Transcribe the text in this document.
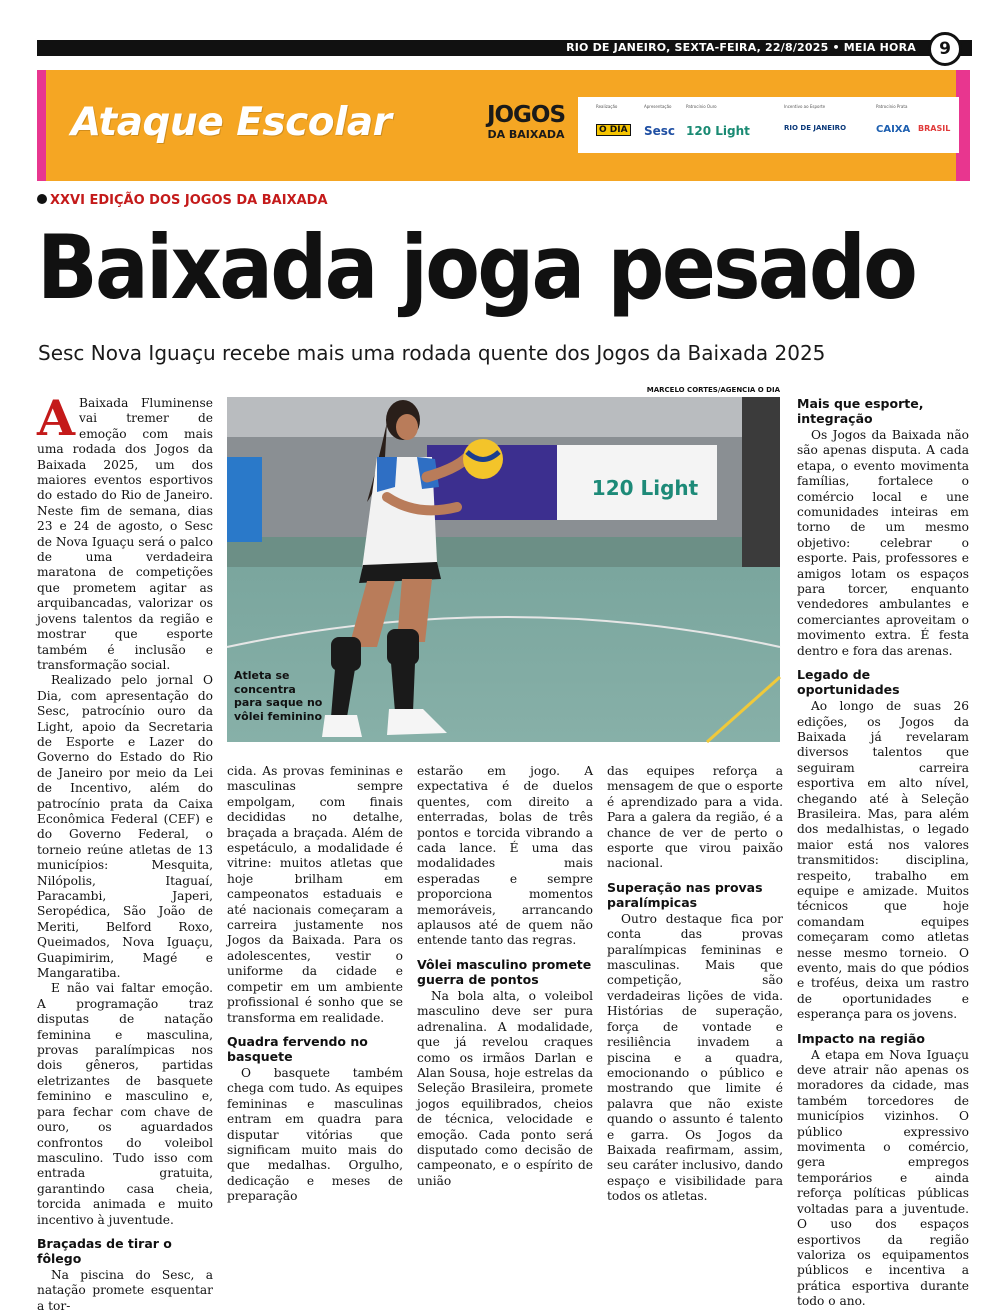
RIO DE JANEIRO, SEXTA-FEIRA, 22/8/2025 • MEIA HORA	9
Ataque Escolar	JOGOS
DA BAIXADA
Realização
O DIA
Apresentação
Sesc
Patrocínio Ouro
120 Light
Incentivo ao Esporte
RIO DE JANEIRO
Patrocínio Prata
CAIXA BRASIL
XXVI EDIÇÃO DOS JOGOS DA BAIXADA
Baixada joga pesado
Sesc Nova Iguaçu recebe mais uma rodada quente dos Jogos da Baixada 2025

A Baixada Fluminense vai tremer de emoção com mais uma rodada dos Jogos da Baixada 2025, um dos maiores eventos esportivos do estado do Rio de Janeiro. Neste fim de semana, dias 23 e 24 de agosto, o Sesc de Nova Iguaçu será o palco de uma verdadeira maratona de competições que prometem agitar as arquibancadas, valorizar os jovens talentos da região e mostrar que esporte também é inclusão e transformação social.

Realizado pelo jornal O Dia, com apresentação do Sesc, patrocínio ouro da Light, apoio da Secretaria de Esporte e Lazer do Governo do Estado do Rio de Janeiro por meio da Lei de Incentivo, além do patrocínio prata da Caixa Econômica Federal (CEF) e do Governo Federal, o torneio reúne atletas de 13 municípios: Mesquita, Nilópolis, Itaguaí, Paracambi, Japeri, Seropédica, São João de Meriti, Belford Roxo, Queimados, Nova Iguaçu, Guapimirim, Magé e Mangaratiba.

E não vai faltar emoção. A programação traz disputas de natação feminina e masculina, provas paralímpicas nos dois gêneros, partidas eletrizantes de basquete feminino e masculino e, para fechar com chave de ouro, os aguardados confrontos do voleibol masculino. Tudo isso com entrada gratuita, garantindo casa cheia, torcida animada e muito incentivo à juventude.

Braçadas de tirar o fôlego

Na piscina do Sesc, a natação promete esquentar a tor-

MARCELO CORTES/AGENCIA O DIA
120 Light
Atleta se concentra para saque no vôlei feminino

cida. As provas femininas e masculinas sempre empolgam, com finais decididas no detalhe, braçada a braçada. Além de espetáculo, a modalidade é vitrine: muitos atletas que hoje brilham em campeonatos estaduais e até nacionais começaram a carreira justamente nos Jogos da Baixada. Para os adolescentes, vestir o uniforme da cidade e competir em um ambiente profissional é sonho que se transforma em realidade.

Quadra fervendo no basquete

O basquete também chega com tudo. As equipes femininas e masculinas entram em quadra para disputar vitórias que significam muito mais do que medalhas. Orgulho, dedicação e meses de preparação

estarão em jogo. A expectativa é de duelos quentes, com direito a enterradas, bolas de três pontos e torcida vibrando a cada lance. É uma das modalidades mais esperadas e sempre proporciona momentos memoráveis, arrancando aplausos até de quem não entende tanto das regras.

Vôlei masculino promete guerra de pontos

Na bola alta, o voleibol masculino deve ser pura adrenalina. A modalidade, que já revelou craques como os irmãos Darlan e Alan Sousa, hoje estrelas da Seleção Brasileira, promete jogos equilibrados, cheios de técnica, velocidade e emoção. Cada ponto será disputado como decisão de campeonato, e o espírito de união

das equipes reforça a mensagem de que o esporte é aprendizado para a vida. Para a galera da região, é a chance de ver de perto o esporte que virou paixão nacional.

Superação nas provas paralímpicas

Outro destaque fica por conta das provas paralímpicas femininas e masculinas. Mais que competição, são verdadeiras lições de vida. Histórias de superação, força de vontade e resiliência invadem a piscina e a quadra, emocionando o público e mostrando que limite é palavra que não existe quando o assunto é talento e garra. Os Jogos da Baixada reafirmam, assim, seu caráter inclusivo, dando espaço e visibilidade para todos os atletas.

Mais que esporte, integração

Os Jogos da Baixada não são apenas disputa. A cada etapa, o evento movimenta famílias, fortalece o comércio local e une comunidades inteiras em torno de um mesmo objetivo: celebrar o esporte. Pais, professores e amigos lotam os espaços para torcer, enquanto vendedores ambulantes e comerciantes aproveitam o movimento extra. É festa dentro e fora das arenas.

Legado de oportunidades

Ao longo de suas 26 edições, os Jogos da Baixada já revelaram diversos talentos que seguiram carreira esportiva em alto nível, chegando até à Seleção Brasileira. Mas, para além dos medalhistas, o legado maior está nos valores transmitidos: disciplina, respeito, trabalho em equipe e amizade. Muitos técnicos que hoje comandam equipes começaram como atletas nesse mesmo torneio. O evento, mais do que pódios e troféus, deixa um rastro de oportunidades e esperança para os jovens.

Impacto na região

A etapa em Nova Iguaçu deve atrair não apenas os moradores da cidade, mas também torcedores de municípios vizinhos. O público expressivo movimenta o comércio, gera empregos temporários e ainda reforça políticas públicas voltadas para a juventude. O uso dos espaços esportivos da região valoriza os equipamentos públicos e incentiva a prática esportiva durante todo o ano.
